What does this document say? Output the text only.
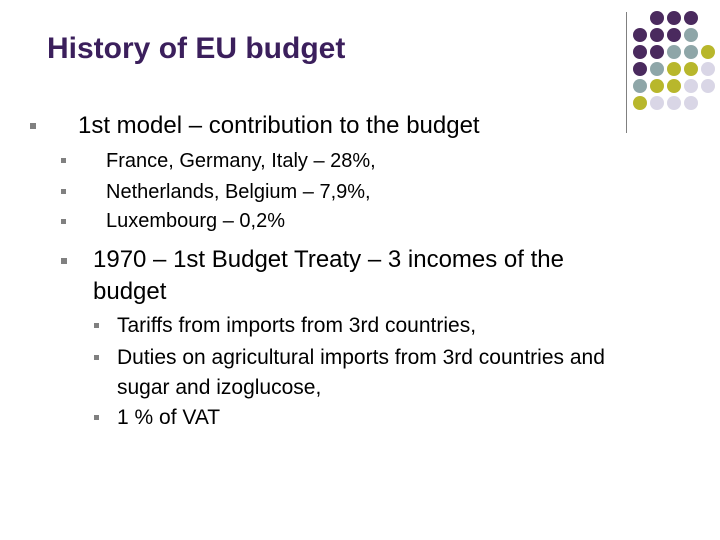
History of EU budget
1st model – contribution to the budget
France, Germany, Italy – 28%,
Netherlands, Belgium – 7,9%,
Luxembourg – 0,2%
1970 – 1st Budget Treaty – 3 incomes of the
budget
Tariffs from imports from 3rd countries,
Duties on agricultural imports from 3rd countries and
sugar and izoglucose,
1 % of VAT
